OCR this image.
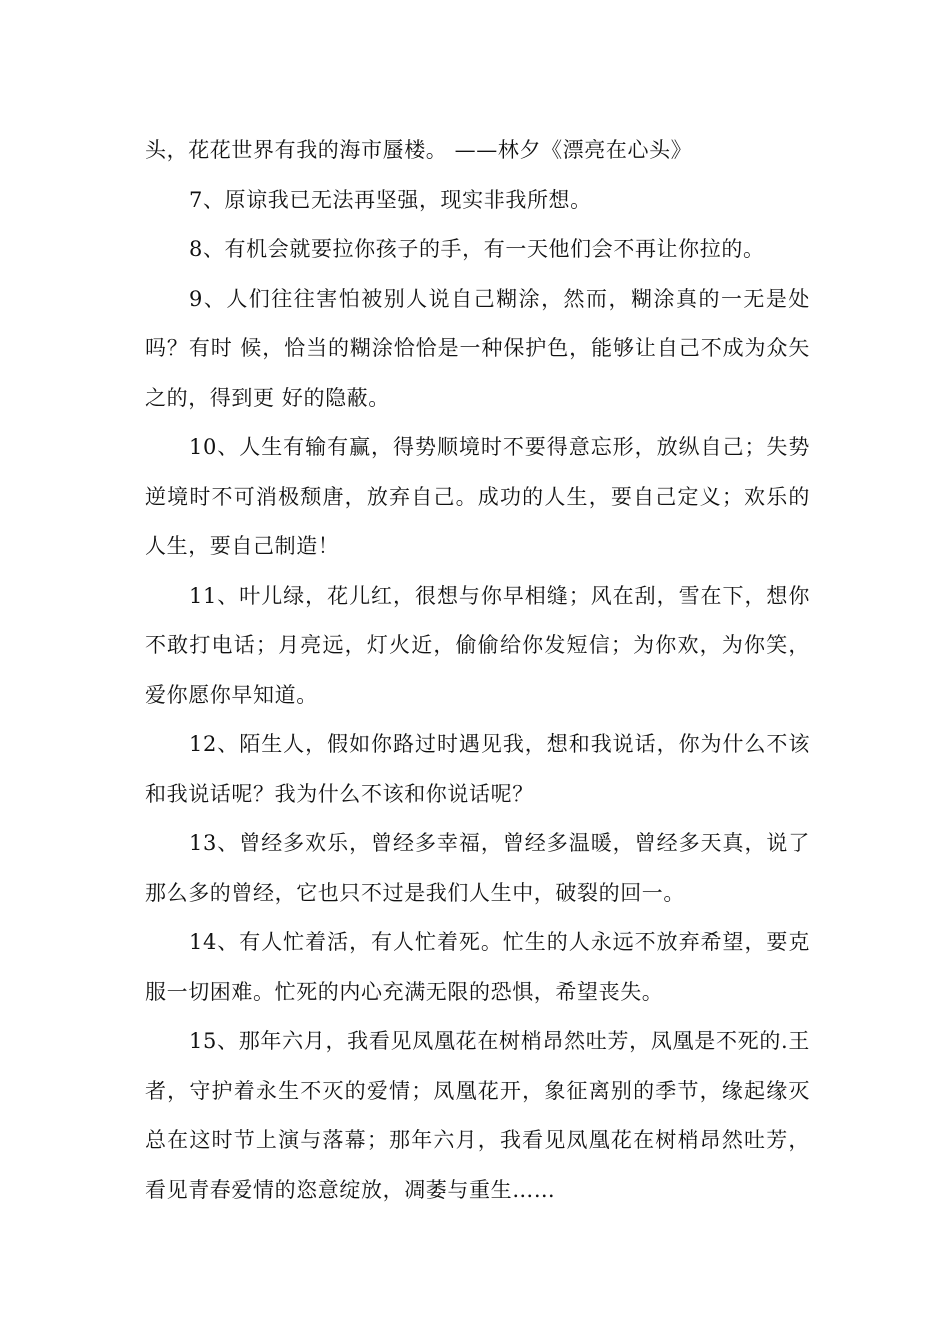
头，花花世界有我的海市蜃楼。 ——林夕《漂亮在心头》

7、原谅我已无法再坚强，现实非我所想。

8、有机会就要拉你孩子的手，有一天他们会不再让你拉的。

9、人们往往害怕被别人说自己糊涂，然而，糊涂真的一无是处吗？有时 候，恰当的糊涂恰恰是一种保护色，能够让自己不成为众矢之的，得到更 好的隐蔽。

10、人生有输有赢，得势顺境时不要得意忘形，放纵自己；失势逆境时不可消极颓唐，放弃自己。成功的人生，要自己定义；欢乐的人生，要自己制造！

11、叶儿绿，花儿红，很想与你早相缝；风在刮，雪在下，想你不敢打电话；月亮远，灯火近，偷偷给你发短信；为你欢，为你笑，爱你愿你早知道。

12、陌生人，假如你路过时遇见我，想和我说话，你为什么不该和我说话呢？我为什么不该和你说话呢？

13、曾经多欢乐，曾经多幸福，曾经多温暖，曾经多天真，说了那么多的曾经，它也只不过是我们人生中，破裂的回一。

14、有人忙着活，有人忙着死。忙生的人永远不放弃希望，要克服一切困难。忙死的内心充满无限的恐惧，希望丧失。

15、那年六月，我看见凤凰花在树梢昂然吐芳，凤凰是不死的.王者，守护着永生不灭的爱情；凤凰花开，象征离别的季节，缘起缘灭总在这时节上演与落幕；那年六月，我看见凤凰花在树梢昂然吐芳，看见青春爱情的恣意绽放，凋萎与重生……
